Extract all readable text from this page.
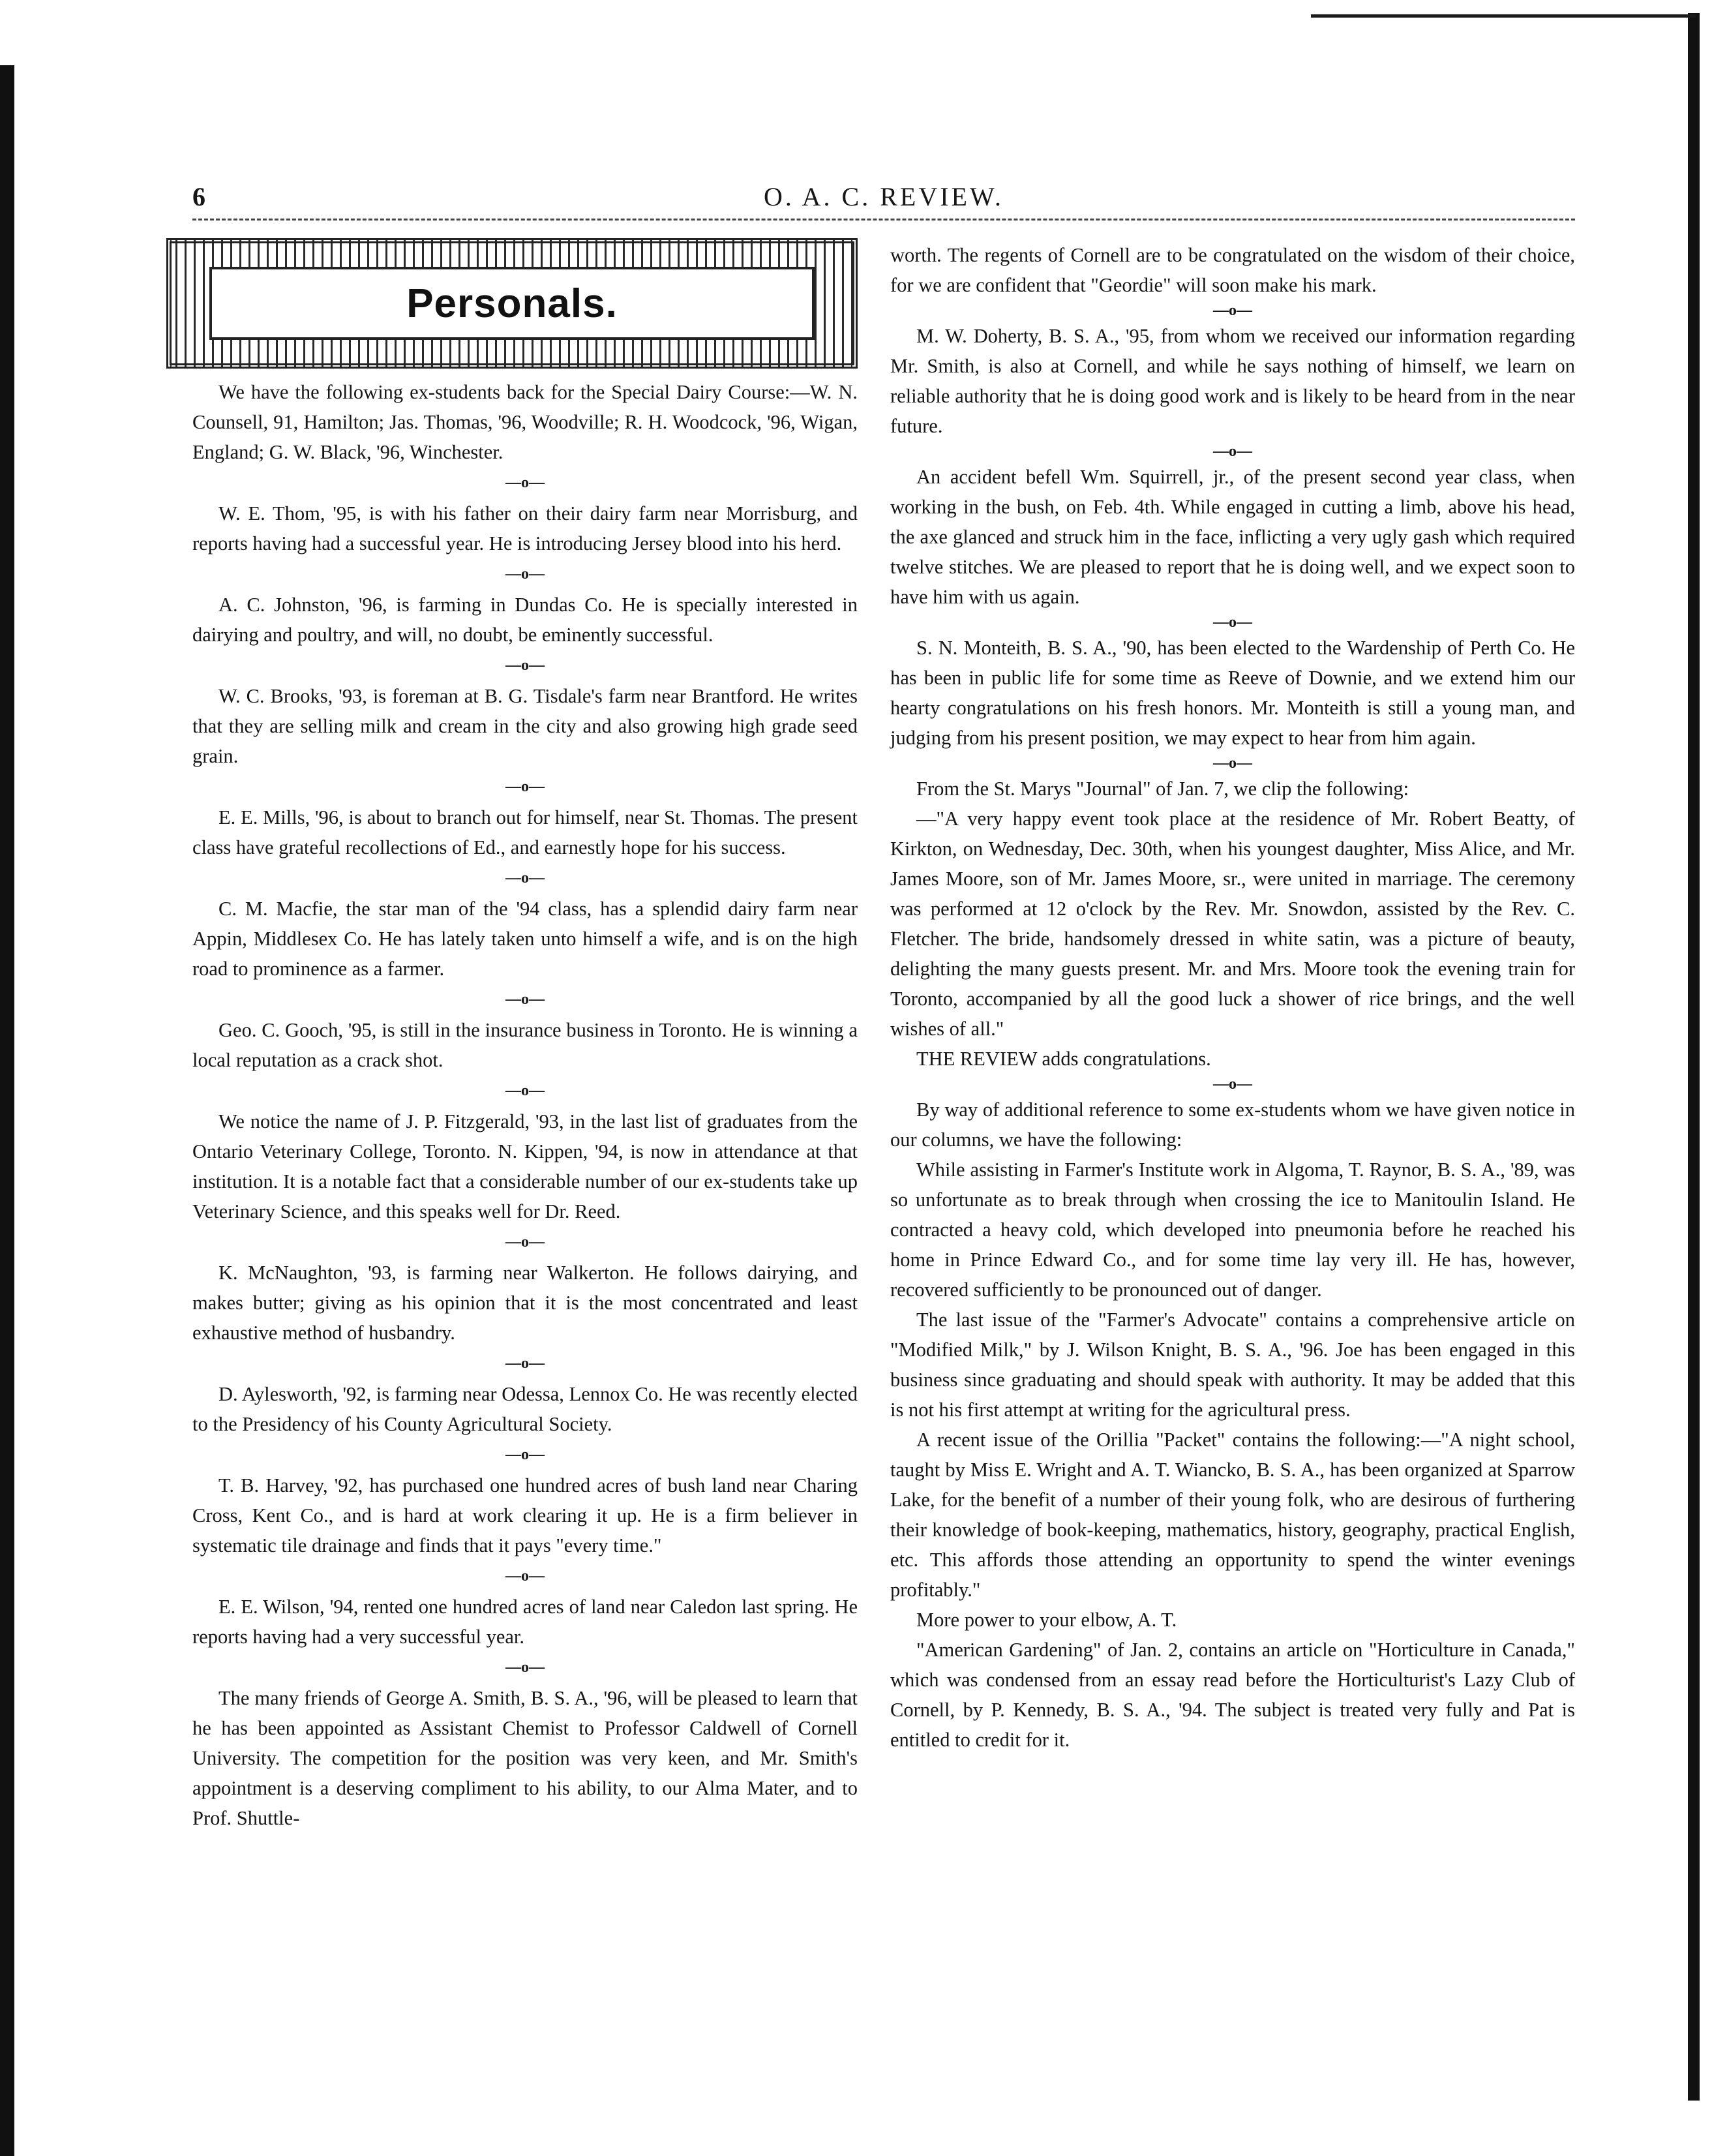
6	O. A. C. REVIEW.
Personals.

We have the following ex-students back for the Special Dairy Course:—W. N. Counsell, 91, Hamilton; Jas. Thomas, '96, Woodville; R. H. Woodcock, '96, Wigan, England; G. W. Black, '96, Winchester.

—o—

W. E. Thom, '95, is with his father on their dairy farm near Morrisburg, and reports having had a successful year. He is introducing Jersey blood into his herd.

—o—

A. C. Johnston, '96, is farming in Dundas Co. He is specially interested in dairying and poultry, and will, no doubt, be eminently successful.

—o—

W. C. Brooks, '93, is foreman at B. G. Tisdale's farm near Brantford. He writes that they are selling milk and cream in the city and also growing high grade seed grain.

—o—

E. E. Mills, '96, is about to branch out for himself, near St. Thomas. The present class have grateful recollections of Ed., and earnestly hope for his success.

—o—

C. M. Macfie, the star man of the '94 class, has a splendid dairy farm near Appin, Middlesex Co. He has lately taken unto himself a wife, and is on the high road to prominence as a farmer.

—o—

Geo. C. Gooch, '95, is still in the insurance business in Toronto. He is winning a local reputation as a crack shot.

—o—

We notice the name of J. P. Fitzgerald, '93, in the last list of graduates from the Ontario Veterinary College, Toronto. N. Kippen, '94, is now in attendance at that institution. It is a notable fact that a considerable number of our ex-students take up Veterinary Science, and this speaks well for Dr. Reed.

—o—

K. McNaughton, '93, is farming near Walkerton. He follows dairying, and makes butter; giving as his opinion that it is the most concentrated and least exhaustive method of husbandry.

—o—

D. Aylesworth, '92, is farming near Odessa, Lennox Co. He was recently elected to the Presidency of his County Agricultural Society.

—o—

T. B. Harvey, '92, has purchased one hundred acres of bush land near Charing Cross, Kent Co., and is hard at work clearing it up. He is a firm believer in systematic tile drainage and finds that it pays "every time."

—o—

E. E. Wilson, '94, rented one hundred acres of land near Caledon last spring. He reports having had a very successful year.

—o—

The many friends of George A. Smith, B. S. A., '96, will be pleased to learn that he has been appointed as Assistant Chemist to Professor Caldwell of Cornell University. The competition for the position was very keen, and Mr. Smith's appointment is a deserving compliment to his ability, to our Alma Mater, and to Prof. Shuttle-

worth. The regents of Cornell are to be congratulated on the wisdom of their choice, for we are confident that "Geordie" will soon make his mark.

—o—

M. W. Doherty, B. S. A., '95, from whom we received our information regarding Mr. Smith, is also at Cornell, and while he says nothing of himself, we learn on reliable authority that he is doing good work and is likely to be heard from in the near future.

—o—

An accident befell Wm. Squirrell, jr., of the present second year class, when working in the bush, on Feb. 4th. While engaged in cutting a limb, above his head, the axe glanced and struck him in the face, inflicting a very ugly gash which required twelve stitches. We are pleased to report that he is doing well, and we expect soon to have him with us again.

—o—

S. N. Monteith, B. S. A., '90, has been elected to the Wardenship of Perth Co. He has been in public life for some time as Reeve of Downie, and we extend him our hearty congratulations on his fresh honors. Mr. Monteith is still a young man, and judging from his present position, we may expect to hear from him again.

—o—

From the St. Marys "Journal" of Jan. 7, we clip the following:

—"A very happy event took place at the residence of Mr. Robert Beatty, of Kirkton, on Wednesday, Dec. 30th, when his youngest daughter, Miss Alice, and Mr. James Moore, son of Mr. James Moore, sr., were united in marriage. The ceremony was performed at 12 o'clock by the Rev. Mr. Snowdon, assisted by the Rev. C. Fletcher. The bride, handsomely dressed in white satin, was a picture of beauty, delighting the many guests present. Mr. and Mrs. Moore took the evening train for Toronto, accompanied by all the good luck a shower of rice brings, and the well wishes of all."

THE REVIEW adds congratulations.

—o—

By way of additional reference to some ex-students whom we have given notice in our columns, we have the following:

While assisting in Farmer's Institute work in Algoma, T. Raynor, B. S. A., '89, was so unfortunate as to break through when crossing the ice to Manitoulin Island. He contracted a heavy cold, which developed into pneumonia before he reached his home in Prince Edward Co., and for some time lay very ill. He has, however, recovered sufficiently to be pronounced out of danger.

The last issue of the "Farmer's Advocate" contains a comprehensive article on "Modified Milk," by J. Wilson Knight, B. S. A., '96. Joe has been engaged in this business since graduating and should speak with authority. It may be added that this is not his first attempt at writing for the agricultural press.

A recent issue of the Orillia "Packet" contains the following:—"A night school, taught by Miss E. Wright and A. T. Wiancko, B. S. A., has been organized at Sparrow Lake, for the benefit of a number of their young folk, who are desirous of furthering their knowledge of book-keeping, mathematics, history, geography, practical English, etc. This affords those attending an opportunity to spend the winter evenings profitably."

More power to your elbow, A. T.

"American Gardening" of Jan. 2, contains an article on "Horticulture in Canada," which was condensed from an essay read before the Horticulturist's Lazy Club of Cornell, by P. Kennedy, B. S. A., '94. The subject is treated very fully and Pat is entitled to credit for it.
